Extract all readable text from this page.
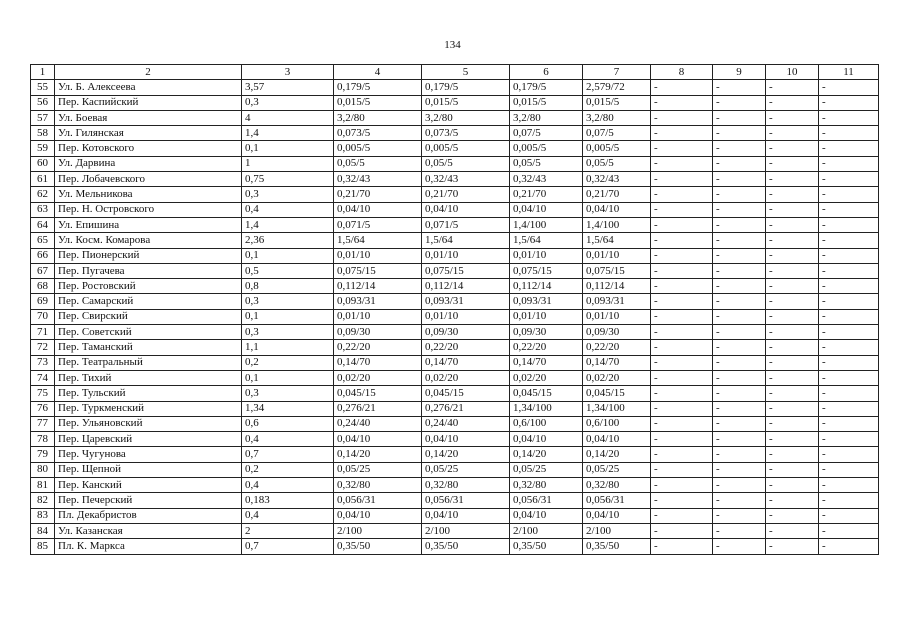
134
1	2	3	4	5	6	7	8	9	10	11
55	Ул. Б. Алексеева	3,57	0,179/5	0,179/5	0,179/5	2,579/72	-	-	-	-
56	Пер. Каспийский	0,3	0,015/5	0,015/5	0,015/5	0,015/5	-	-	-	-
57	Ул. Боевая	4	3,2/80	3,2/80	3,2/80	3,2/80	-	-	-	-
58	Ул. Гилянская	1,4	0,073/5	0,073/5	0,07/5	0,07/5	-	-	-	-
59	Пер. Котовского	0,1	0,005/5	0,005/5	0,005/5	0,005/5	-	-	-	-
60	Ул. Дарвина	1	0,05/5	0,05/5	0,05/5	0,05/5	-	-	-	-
61	Пер. Лобачевского	0,75	0,32/43	0,32/43	0,32/43	0,32/43	-	-	-	-
62	Ул. Мельникова	0,3	0,21/70	0,21/70	0,21/70	0,21/70	-	-	-	-
63	Пер. Н. Островского	0,4	0,04/10	0,04/10	0,04/10	0,04/10	-	-	-	-
64	Ул. Епишина	1,4	0,071/5	0,071/5	1,4/100	1,4/100	-	-	-	-
65	Ул. Косм. Комарова	2,36	1,5/64	1,5/64	1,5/64	1,5/64	-	-	-	-
66	Пер. Пионерский	0,1	0,01/10	0,01/10	0,01/10	0,01/10	-	-	-	-
67	Пер. Пугачева	0,5	0,075/15	0,075/15	0,075/15	0,075/15	-	-	-	-
68	Пер. Ростовский	0,8	0,112/14	0,112/14	0,112/14	0,112/14	-	-	-	-
69	Пер. Самарский	0,3	0,093/31	0,093/31	0,093/31	0,093/31	-	-	-	-
70	Пер. Свирский	0,1	0,01/10	0,01/10	0,01/10	0,01/10	-	-	-	-
71	Пер. Советский	0,3	0,09/30	0,09/30	0,09/30	0,09/30	-	-	-	-
72	Пер. Таманский	1,1	0,22/20	0,22/20	0,22/20	0,22/20	-	-	-	-
73	Пер. Театральный	0,2	0,14/70	0,14/70	0,14/70	0,14/70	-	-	-	-
74	Пер. Тихий	0,1	0,02/20	0,02/20	0,02/20	0,02/20	-	-	-	-
75	Пер. Тульский	0,3	0,045/15	0,045/15	0,045/15	0,045/15	-	-	-	-
76	Пер. Туркменский	1,34	0,276/21	0,276/21	1,34/100	1,34/100	-	-	-	-
77	Пер. Ульяновский	0,6	0,24/40	0,24/40	0,6/100	0,6/100	-	-	-	-
78	Пер. Царевский	0,4	0,04/10	0,04/10	0,04/10	0,04/10	-	-	-	-
79	Пер. Чугунова	0,7	0,14/20	0,14/20	0,14/20	0,14/20	-	-	-	-
80	Пер. Щепной	0,2	0,05/25	0,05/25	0,05/25	0,05/25	-	-	-	-
81	Пер. Канский	0,4	0,32/80	0,32/80	0,32/80	0,32/80	-	-	-	-
82	Пер. Печерский	0,183	0,056/31	0,056/31	0,056/31	0,056/31	-	-	-	-
83	Пл. Декабристов	0,4	0,04/10	0,04/10	0,04/10	0,04/10	-	-	-	-
84	Ул. Казанская	2	2/100	2/100	2/100	2/100	-	-	-	-
85	Пл. К. Маркса	0,7	0,35/50	0,35/50	0,35/50	0,35/50	-	-	-	-
